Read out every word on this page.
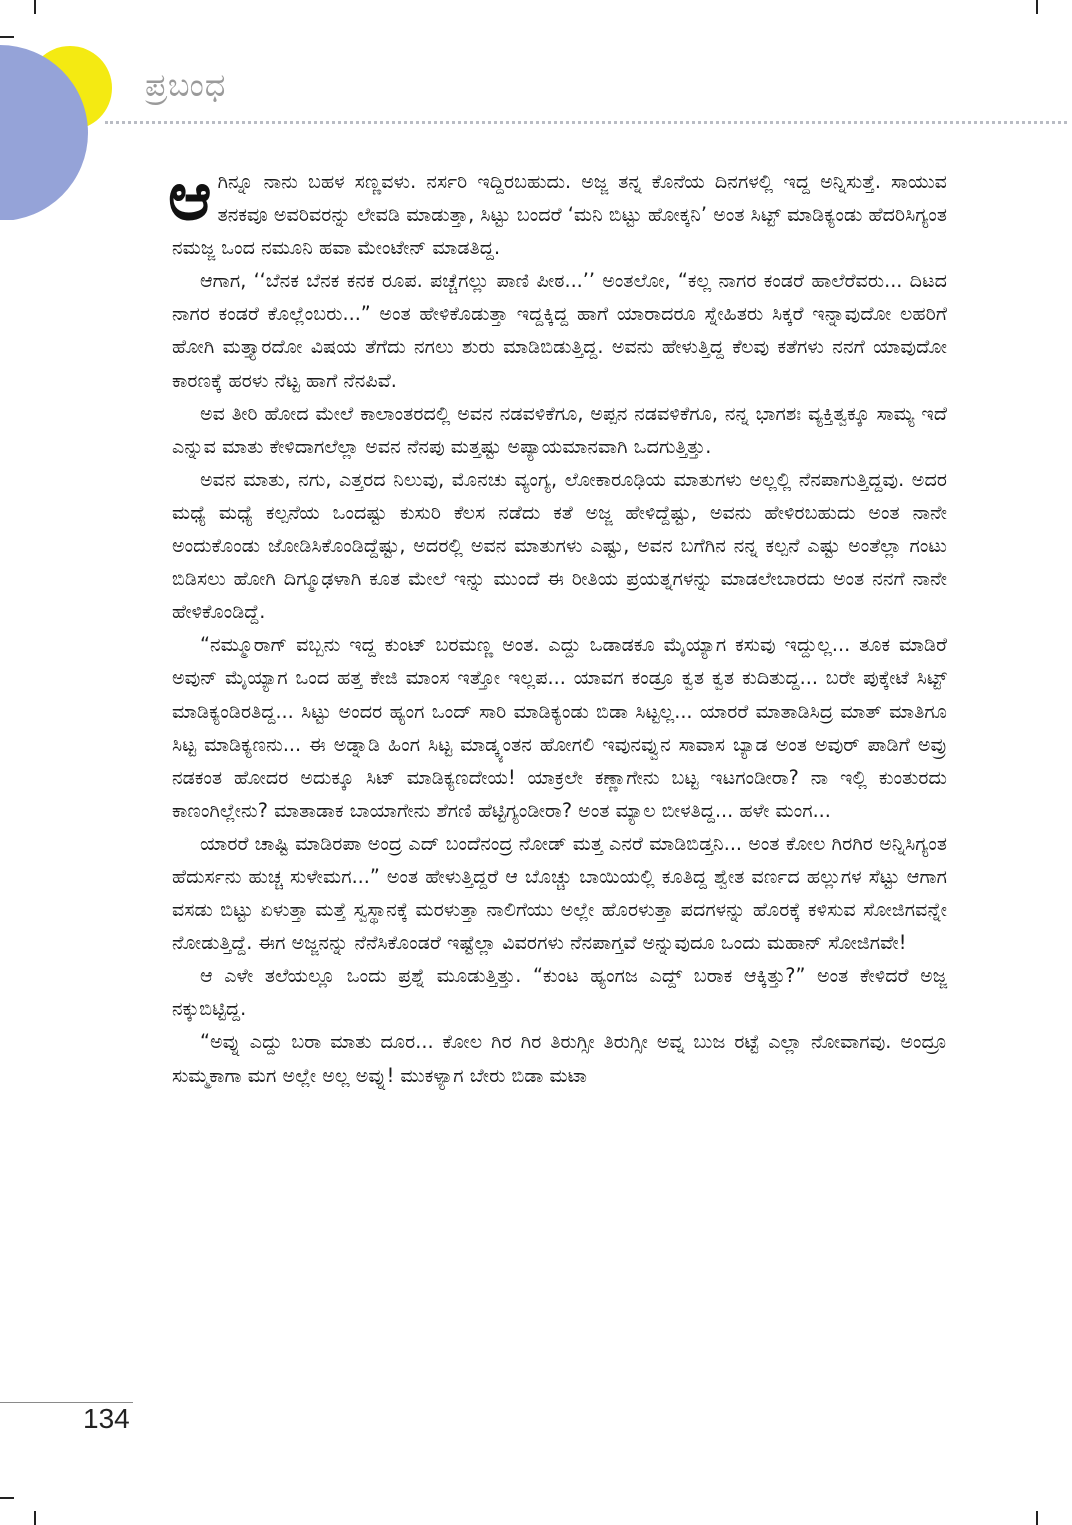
ಪ್ರಬಂಧ

ಆಗಿನ್ನೂ ನಾನು ಬಹಳ ಸಣ್ಣವಳು. ನರ್ಸರಿ ಇದ್ದಿರಬಹುದು. ಅಜ್ಜ ತನ್ನ ಕೊನೆಯ ದಿನಗಳಲ್ಲಿ ಇದ್ದ ಅನ್ನಿಸುತ್ತೆ. ಸಾಯುವ ತನಕವೂ ಅವರಿವರನ್ನು ಲೇವಡಿ ಮಾಡುತ್ತಾ, ಸಿಟ್ಟು ಬಂದರೆ ‘ಮನಿ ಬಿಟ್ಟು ಹೋಕ್ಕನಿ’ ಅಂತ ಸಿಟ್ಟ್ ಮಾಡಿಕ್ಯಂಡು ಹೆದರಿಸಿಗ್ಯಂತ ನಮಜ್ಜ ಒಂದ ನಮೂನಿ ಹವಾ ಮೇಂಟೇನ್ ಮಾಡತಿದ್ದ.

ಆಗಾಗ, ‘‘ಬೆನಕ ಬೆನಕ ಕನಕ ರೂಪ. ಪಚ್ಚೆಗಲ್ಲು ಪಾಣಿ ಪೀಠ...’’ ಅಂತಲೋ, “ಕಲ್ಲ ನಾಗರ ಕಂಡರೆ ಹಾಲೆರೆವರು... ದಿಟದ ನಾಗರ ಕಂಡರೆ ಕೊಲ್ಲೆಂಬರು...” ಅಂತ ಹೇಳಿಕೊಡುತ್ತಾ ಇದ್ದಕ್ಕಿದ್ದ ಹಾಗೆ ಯಾರಾದರೂ ಸ್ನೇಹಿತರು ಸಿಕ್ಕರೆ ಇನ್ನಾವುದೋ ಲಹರಿಗೆ ಹೋಗಿ ಮತ್ತ್ಯಾರದೋ ವಿಷಯ ತೆಗೆದು ನಗಲು ಶುರು ಮಾಡಿಬಿಡುತ್ತಿದ್ದ. ಅವನು ಹೇಳುತ್ತಿದ್ದ ಕೆಲವು ಕತೆಗಳು ನನಗೆ ಯಾವುದೋ ಕಾರಣಕ್ಕೆ ಹರಳು ನೆಟ್ಟ ಹಾಗೆ ನೆನಪಿವೆ.

ಅವ ತೀರಿ ಹೋದ ಮೇಲೆ ಕಾಲಾಂತರದಲ್ಲಿ ಅವನ ನಡವಳಿಕೆಗೂ, ಅಪ್ಪನ ನಡವಳಿಕೆಗೂ, ನನ್ನ ಭಾಗಶಃ ವ್ಯಕ್ತಿತ್ವಕ್ಕೂ ಸಾಮ್ಯ ಇದೆ ಎನ್ನುವ ಮಾತು ಕೇಳಿದಾಗಲೆಲ್ಲಾ ಅವನ ನೆನಪು ಮತ್ತಷ್ಟು ಅಪ್ಯಾಯಮಾನವಾಗಿ ಒದಗುತ್ತಿತ್ತು.

ಅವನ ಮಾತು, ನಗು, ಎತ್ತರದ ನಿಲುವು, ಮೊನಚು ವ್ಯಂಗ್ಯ, ಲೋಕಾರೂಢಿಯ ಮಾತುಗಳು ಅಲ್ಲಲ್ಲಿ ನೆನಪಾಗುತ್ತಿದ್ದವು. ಅದರ ಮಧ್ಯೆ ಮಧ್ಯೆ ಕಲ್ಪನೆಯ ಒಂದಷ್ಟು ಕುಸುರಿ ಕೆಲಸ ನಡೆದು ಕತೆ ಅಜ್ಜ ಹೇಳಿದ್ದೆಷ್ಟು, ಅವನು ಹೇಳಿರಬಹುದು ಅಂತ ನಾನೇ ಅಂದುಕೊಂಡು ಜೋಡಿಸಿಕೊಂಡಿದ್ದೆಷ್ಟು, ಅದರಲ್ಲಿ ಅವನ ಮಾತುಗಳು ಎಷ್ಟು, ಅವನ ಬಗೆಗಿನ ನನ್ನ ಕಲ್ಪನೆ ಎಷ್ಟು ಅಂತೆಲ್ಲಾ ಗಂಟು ಬಿಡಿಸಲು ಹೋಗಿ ದಿಗ್ಮೂಢಳಾಗಿ ಕೂತ ಮೇಲೆ ಇನ್ನು ಮುಂದೆ ಈ ರೀತಿಯ ಪ್ರಯತ್ನಗಳನ್ನು ಮಾಡಲೇಬಾರದು ಅಂತ ನನಗೆ ನಾನೇ ಹೇಳಿಕೊಂಡಿದ್ದೆ.

“ನಮ್ಮೂರಾಗ್ ವಬ್ಬನು ಇದ್ದ ಕುಂಟ್ ಬರಮಣ್ಣ ಅಂತ. ಎದ್ದು ಒಡಾಡಕೂ ಮೈಯ್ಯಾಗ ಕಸುವು ಇದ್ದುಲ್ಲ... ತೂಕ ಮಾಡಿರೆ ಅವುನ್ ಮೈಯ್ಯಾಗ ಒಂದ ಹತ್ತ ಕೇಜಿ ಮಾಂಸ ಇತ್ತೋ ಇಲ್ಲಪ... ಯಾವಗ ಕಂಡ್ರೂ ಕ್ವತ ಕ್ವತ ಕುದಿತುದ್ದ... ಬರೇ ಪುಕ್ಕೇಟೆ ಸಿಟ್ಟ್ ಮಾಡಿಕ್ಯಂಡಿರತಿದ್ದ... ಸಿಟ್ಟು ಅಂದರ ಹ್ಯಂಗ ಒಂದ್ ಸಾರಿ ಮಾಡಿಕ್ಯಂಡು ಬಿಡಾ ಸಿಟ್ಟಲ್ಲ... ಯಾರರೆ ಮಾತಾಡಿಸಿದ್ರ ಮಾತ್ ಮಾತಿಗೂ ಸಿಟ್ಟ ಮಾಡಿಕ್ಯಣನು... ಈ ಅಡ್ನಾಡಿ ಹಿಂಗ ಸಿಟ್ಟ ಮಾಡ್ಕ್ಯಂತನ ಹೋಗಲಿ ಇವುನವ್ವುನ ಸಾವಾಸ ಬ್ಯಾಡ ಅಂತ ಅವುರ್ ಪಾಡಿಗೆ ಅವ್ರು ನಡಕಂತ ಹೋದರ ಅದುಕ್ಕೂ ಸಿಟ್ ಮಾಡಿಕ್ಯಣದೇಯ! ಯಾಕ್ರಲೇ ಕಣ್ಣಾಗೇನು ಬಟ್ಟ ಇಟಗಂಡೀರಾ? ನಾ ಇಲ್ಲಿ ಕುಂತುರದು ಕಾಣಂಗಿಲ್ಲೇನು? ಮಾತಾಡಾಕ ಬಾಯಾಗೇನು ಶೆಗಣಿ ಹೆಟ್ಟಿಗ್ಯಂಡೀರಾ? ಅಂತ ಮ್ಯಾಲ ಬೀಳತಿದ್ದ... ಹಳೇ ಮಂಗ...

ಯಾರರೆ ಚಾಷ್ಟಿ ಮಾಡಿರಪಾ ಅಂದ್ರ ಎದ್ ಬಂದೆನಂದ್ರ ನೋಡ್ ಮತ್ತ ಎನರೆ ಮಾಡಿಬಿಡ್ತನಿ... ಅಂತ ಕೋಲ ಗಿರಗಿರ ಅನ್ನಿಸಿಗ್ಯಂತ ಹೆದುರ್ಸನು ಹುಚ್ಚ ಸುಳೇಮಗ...” ಅಂತ ಹೇಳುತ್ತಿದ್ದರೆ ಆ ಬೊಚ್ಚು ಬಾಯಿಯಲ್ಲಿ ಕೂತಿದ್ದ ಶ್ವೇತ ವರ್ಣದ ಹಲ್ಲುಗಳ ಸೆಟ್ಟು ಆಗಾಗ ವಸಡು ಬಿಟ್ಟು ಏಳುತ್ತಾ ಮತ್ತೆ ಸ್ವಸ್ಥಾನಕ್ಕೆ ಮರಳುತ್ತಾ ನಾಲಿಗೆಯು ಅಲ್ಲೇ ಹೊರಳುತ್ತಾ ಪದಗಳನ್ನು ಹೊರಕ್ಕೆ ಕಳಿಸುವ ಸೋಜಿಗವನ್ನೇ ನೋಡುತ್ತಿದ್ದೆ. ಈಗ ಅಜ್ಜನನ್ನು ನೆನೆಸಿಕೊಂಡರೆ ಇಷ್ಟೆಲ್ಲಾ ವಿವರಗಳು ನೆನಪಾಗ್ತವೆ ಅನ್ನುವುದೂ ಒಂದು ಮಹಾನ್ ಸೋಜಿಗವೇ!

ಆ ಎಳೇ ತಲೆಯಲ್ಲೂ ಒಂದು ಪ್ರಶ್ನೆ ಮೂಡುತ್ತಿತ್ತು. “ಕುಂಟ ಹ್ಯಂಗಜ ಎದ್ದ್ ಬರಾಕ ಆಕ್ಕಿತ್ತು?” ಅಂತ ಕೇಳಿದರೆ ಅಜ್ಜ ನಕ್ಕುಬಿಟ್ಟಿದ್ದ.

“ಅವ್ನು ಎದ್ದು ಬರಾ ಮಾತು ದೂರ... ಕೋಲ ಗಿರ ಗಿರ ತಿರುಗ್ಸೀ ತಿರುಗ್ಸೀ ಅವ್ನ ಬುಜ ರಟ್ಟೆ ಎಲ್ಲಾ ನೋವಾಗವು. ಅಂದ್ರೂ ಸುಮ್ಮಕಾಗಾ ಮಗ ಅಲ್ಲೇ ಅಲ್ಲ ಅವ್ನು! ಮುಕಳ್ಯಾಗ ಬೇರು ಬಿಡಾ ಮಟಾ

134
